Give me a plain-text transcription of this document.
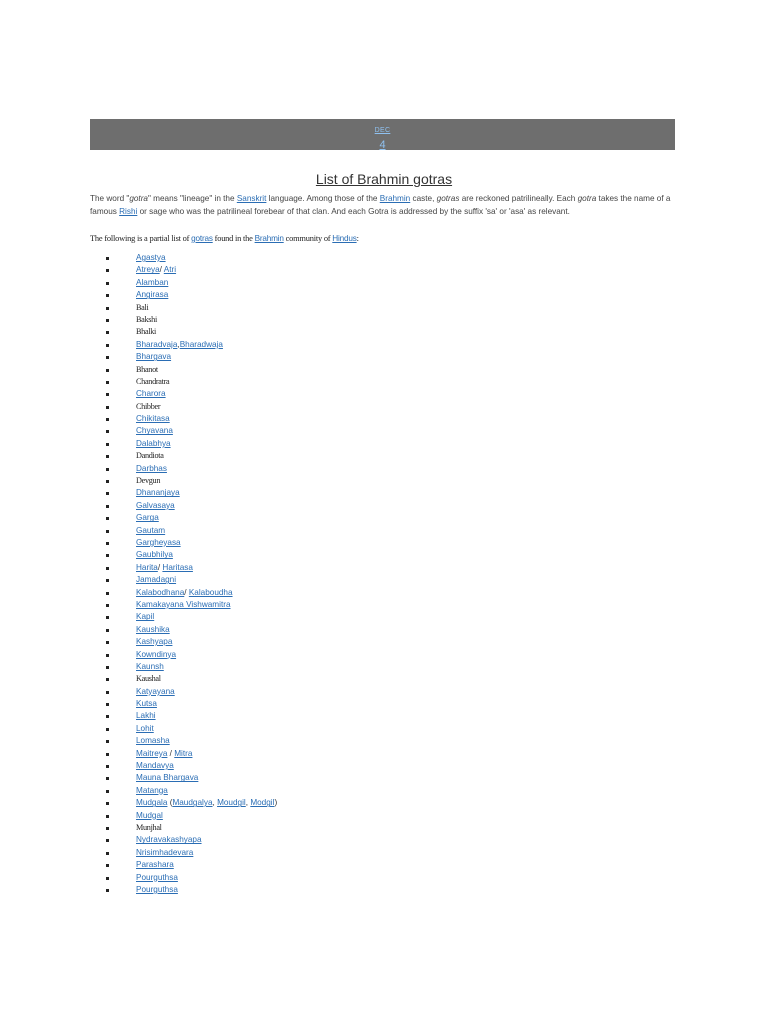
DEC
4
List of Brahmin gotras

The word "gotra" means "lineage" in the Sanskrit language. Among those of the Brahmin caste, gotras are reckoned patrilineally. Each gotra takes the name of a famous Rishi or sage who was the patrilineal forebear of that clan. And each Gotra is addressed by the suffix 'sa' or 'asa' as relevant.

The following is a partial list of gotras found in the Brahmin community of Hindus:

Agastya
Atreya/ Atri
Alamban
Angirasa
Bali
Bakshi
Bhalki
Bharadvaja,Bharadwaja
Bhargava
Bhanot
Chandratra
Charora
Chibber
Chikitasa
Chyavana
Dalabhya
Dandiota
Darbhas
Devgun
Dhananjaya
Galvasaya
Garga
Gautam
Gargheyasa
Gaubhilya
Harita/ Haritasa
Jamadagni
Kalabodhana/ Kalaboudha
Kamakayana Vishwamitra
Kapil
Kaushika
Kashyapa
Kowndinya
Kaunsh
Kaushal
Katyayana
Kutsa
Lakhi
Lohit
Lomasha
Maitreya / Mitra
Mandavya
Mauna Bhargava
Matanga
Mudgala (Maudgalya, Moudgil, Modgil)
Mudgal
Munjhal
Nydravakashyapa
Nrisimhadevara
Parashara
Pourguthsa
Pourguthsa
